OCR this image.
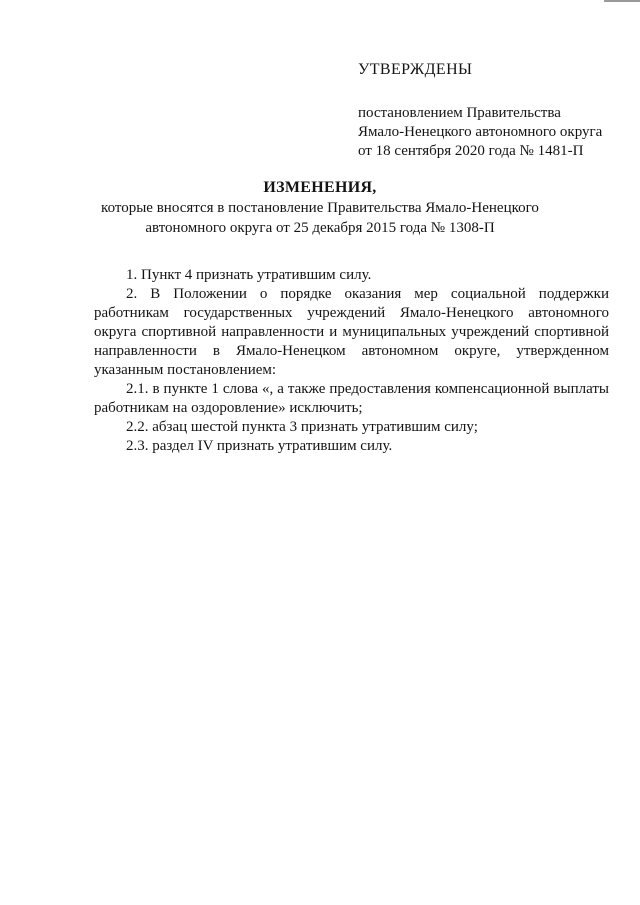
УТВЕРЖДЕНЫ
постановлением Правительства
Ямало-Ненецкого автономного округа
от 18 сентября 2020 года № 1481-П
ИЗМЕНЕНИЯ,
которые вносятся в постановление Правительства Ямало-Ненецкого
автономного округа от 25 декабря 2015 года № 1308-П

1. Пункт 4 признать утратившим силу.

2. В Положении о порядке оказания мер социальной поддержки работникам государственных учреждений Ямало-Ненецкого автономного округа спортивной направленности и муниципальных учреждений спортивной направленности в Ямало-Ненецком автономном округе, утвержденном указанным постановлением:

2.1. в пункте 1 слова «, а также предоставления компенсационной выплаты работникам на оздоровление» исключить;

2.2. абзац шестой пункта 3 признать утратившим силу;

2.3. раздел IV признать утратившим силу.
